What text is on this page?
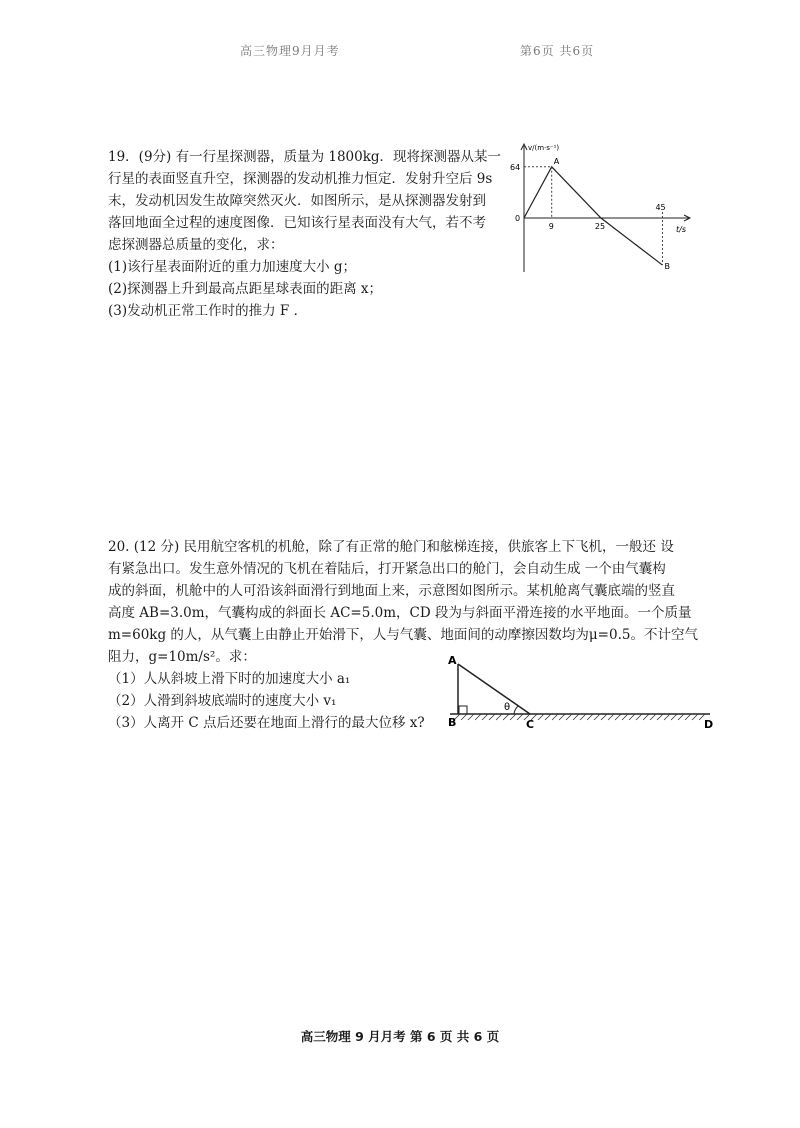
高三物理9月月考	第6页 共6页
19．(9分) 有一行星探测器，质量为 1800kg．现将探测器从某一
行星的表面竖直升空，探测器的发动机推力恒定．发射升空后 9s
末，发动机因发生故障突然灭火．如图所示，是从探测器发射到
落回地面全过程的速度图像．已知该行星表面没有大气，若不考
虑探测器总质量的变化，求：
(1)该行星表面附近的重力加速度大小 g；
(2)探测器上升到最高点距星球表面的距离 x；
(3)发动机正常工作时的推力 F ．
v/(m·s⁻¹)
t/s
0
64
9	25
45
A
B
20. (12 分) 民用航空客机的机舱，除了有正常的舱门和舷梯连接，供旅客上下飞机，一般还 设
有紧急出口。发生意外情况的飞机在着陆后，打开紧急出口的舱门，会自动生成 一个由气囊构
成的斜面，机舱中的人可沿该斜面滑行到地面上来，示意图如图所示。某机舱离气囊底端的竖直
高度 AB=3.0m，气囊构成的斜面长 AC=5.0m，CD 段为与斜面平滑连接的水平地面。一个质量
m=60kg 的人，从气囊上由静止开始滑下，人与气囊、地面间的动摩擦因数均为μ=0.5。不计空气
阻力，g=10m/s²。求：
（1）人从斜坡上滑下时的加速度大小 a₁
（2）人滑到斜坡底端时的速度大小 v₁
（3）人离开 C 点后还要在地面上滑行的最大位移 x?
A
B	C	D
θ
高三物理 9 月月考 第 6 页 共 6 页
